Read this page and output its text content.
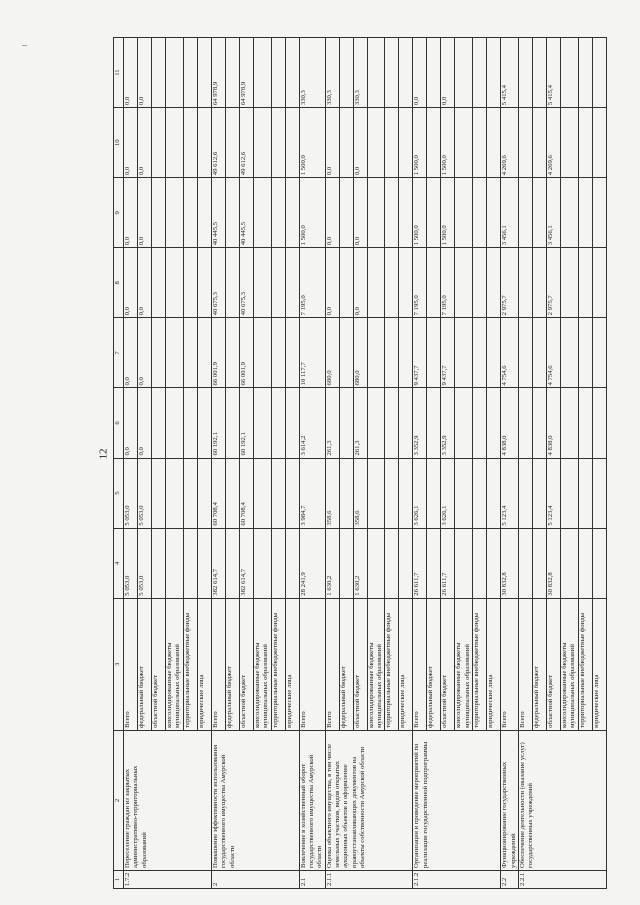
–
12
1	2	3	4	5	6	7	8	9	10	11
1.7.2	Переселение граждан из закрытых административно-территориальных образований	Всего	5 053,0	5 053,0	0,0	0,0	0,0	0,0	0,0	0,0
		федеральный бюджет	5 053,0	5 053,0	0,0	0,0	0,0	0,0	0,0	0,0
		областной бюджет								
		консолидированные бюджеты муниципальных образований								
		территориальные внебюджетные фонды								
		юридические лица								
2	Повышение эффективности использования государственного имущества Амурской области	Всего	382 614,7	60 708,4	60 192,1	66 001,9	40 675,3	40 445,5	49 612,6	64 978,9
		федеральный бюджет								
		областной бюджет	382 614,7	60 708,4	60 192,1	66 001,9	40 675,3	40 445,5	49 612,6	64 978,9
		консолидированные бюджеты муниципальных образований								
		территориальные внебюджетные фонды								
		юридические лица								
2.1	Вовлечение в хозяйственный оборот государственного имущества Амурской области	Всего	28 241,9	3 984,7	3 614,2	10 117,7	7 195,0	1 500,0	1 500,0	330,3
2.1.1	Оценка объектного имущества, в том числе земельных участков, видов открытых аукционных объектов и оформление правоустанавливающих документов на объекты собственности Амурской области	Всего	1 630,2	358,6	261,3	680,0	0,0	0,0	0,0	330,3
		федеральный бюджет								
		областной бюджет	1 630,2	358,6	261,3	680,0	0,0	0,0	0,0	330,3
		консолидированные бюджеты муниципальных образований								
		территориальные внебюджетные фонды								
		юридические лица								
2.1.2	Организация и проведение мероприятий по реализации государственной подпрограммы	Всего	26 611,7	3 626,1	3 352,9	9 437,7	7 195,0	1 500,0	1 500,0	0,0
		федеральный бюджет								
		областной бюджет	26 611,7	3 626,1	3 352,9	9 437,7	7 195,0	1 500,0	1 500,0	0,0
		консолидированные бюджеты муниципальных образований								
		территориальные внебюджетные фонды								
		юридические лица								
2.2	Функционирование государственных учреждений	Всего	30 832,8	5 123,4	4 838,0	4 754,6	2 975,7	3 456,1	4 269,6	5 415,4
2.2.1	Обеспечение деятельности (оказание услуг) государственных учреждений	Всего								
		федеральный бюджет								
		областной бюджет	30 832,8	5 123,4	4 838,0	4 754,6	2 975,7	3 456,1	4 269,6	5 415,4
		консолидированные бюджеты муниципальных образований								
		территориальные внебюджетные фонды								
		юридические лица								
